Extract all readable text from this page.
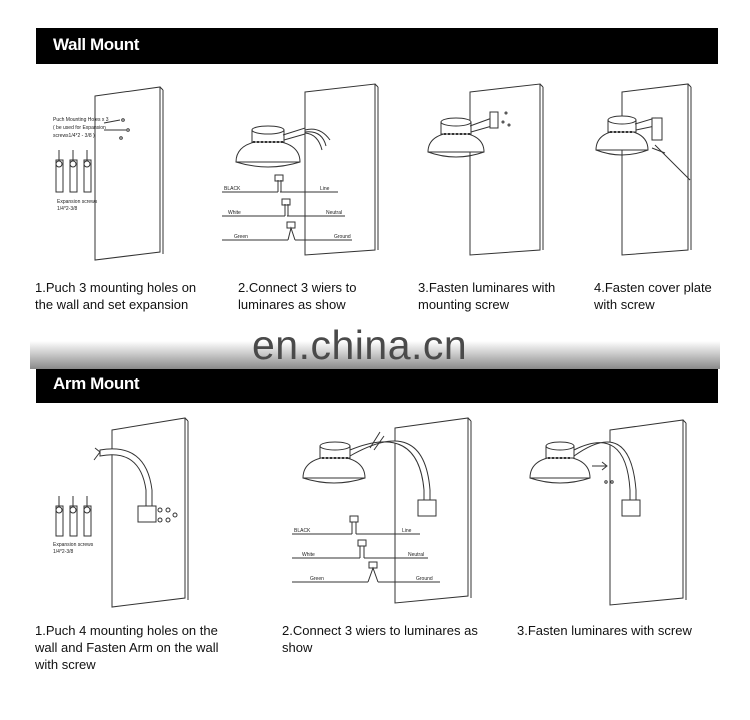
Wall Mount
Arm Mount
en.china.cn
Puch Mounting Holes x 3
( be used for Expansion
screws1/4*2 - 3/8 )
Expansion screws
1/4*2-3/8
Expansion screws
1/4*2-3/8
BLACK	Line
White	Neutral
Green	Ground
BLACK	Line
White	Neutral
Green	Ground
1.Puch 3 mounting holes on the wall and set expansion
2.Connect 3 wiers to luminares as show
3.Fasten luminares with mounting screw
4.Fasten cover plate with screw
1.Puch 4 mounting holes on the wall and Fasten Arm on the wall with screw
2.Connect 3 wiers to luminares as show
3.Fasten luminares with screw
